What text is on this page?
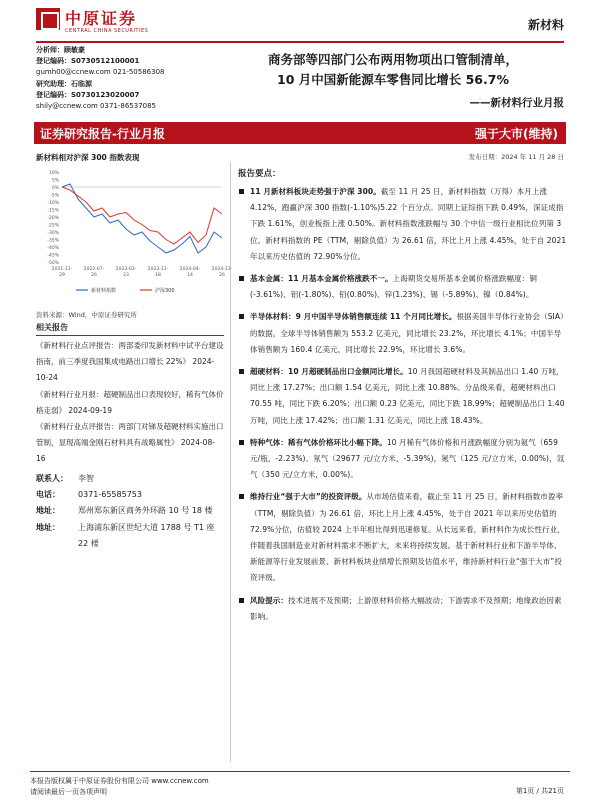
中原证券
CENTRAL CHINA SECURITIES	新材料
分析师：顾敏豪
登记编码：S0730512100001
gumh00@ccnew.com 021-50586308
研究助理：石临源
登记编码：S0730123020007
shily@ccnew.com 0371-86537085
商务部等四部门公布两用物项出口管制清单，
10 月中国新能源车零售同比增长 56.7%
——新材料行业月报
证券研究报告-行业月报	强于大市(维持)
新材料相对沪深 300 指数表现	发布日期：2024 年 11 月 28 日
10%
5%
0%
-5%
-10%
-15%
-20%
-25%
-30%
-35%
-40%
-45%
-50%
2021-11-
29
2022-07-
26
2023-03-
23
2023-11-
18
2024-04-
14
2024-11-
26
新材料指数	沪深300
资料来源：Wind，中原证券研究所
相关报告
《新材料行业点评报告：两部委印发新材料中试平台建设指南，前三季度我国集成电路出口增长 22%》 2024-10-24
《新材料行业月报：超硬制品出口表现较好，稀有气体价格走弱》 2024-09-19
《新材料行业点评报告：两部门对锑及超硬材料实施出口管制，显现高端金刚石材料具有战略属性》 2024-08-16
联系人：	李智
电话：	0371-65585753
地址：	郑州郑东新区商务外环路 10 号 18 楼
地址：	上海浦东新区世纪大道 1788 号 T1 座 22 楼
报告要点：
11 月新材料板块走势强于沪深 300。截至 11 月 25 日，新材料指数（万得）本月上涨 4.12%，跑赢沪深 300 指数(-1.10%)5.22 个百分点。同期上证综指下跌 0.49%，深证成指下跌 1.61%，创业板指上涨 0.50%。新材料指数涨跌幅与 30 个中信一级行业相比位列第 3 位。新材料指数的 PE（TTM，剔除负值）为 26.61 倍，环比上月上涨 4.45%，处于自 2021 年以来历史估值的 72.90%分位。
基本金属：11 月基本金属价格涨跌不一。上海期货交易所基本金属价格涨跌幅度：铜(-3.61%)、铝(-1.80%)、铅(0.80%)、锌(1.23%)、锡（-5.89%)、镍（0.84%)。
半导体材料：9 月中国半导体销售额连续 11 个月同比增长。根据美国半导体行业协会（SIA）的数据，全球半导体销售额为 553.2 亿美元，同比增长 23.2%，环比增长 4.1%；中国半导体销售额为 160.4 亿美元，同比增长 22.9%，环比增长 3.6%。
超硬材料：10 月超硬制品出口金额同比增长。10 月我国超硬材料及其制品出口 1.40 万吨，同比上涨 17.27%；出口额 1.54 亿美元，同比上涨 10.88%。分品级来看，超硬材料出口 70.55 吨，同比下跌 6.20%；出口额 0.23 亿美元，同比下跌 18.99%；超硬制品出口 1.40 万吨，同比上涨 17.42%；出口额 1.31 亿美元，同比上涨 18.43%。
特种气体：稀有气体价格环比小幅下降。10 月稀有气体价格和月涨跌幅度分别为氦气（659 元/瓶，-2.23%)、氖气（29677 元/立方米，-5.39%)，氪气（125 元/立方米，0.00%)，氙气（350 元/立方米，0.00%)。
维持行业“强于大市”的投资评级。从市场估值来看，截止至 11 月 25 日，新材料指数市盈率（TTM，剔除负值）为 26.61 倍，环比上月上涨 4.45%，处于自 2021 年以来历史估值的 72.9%分位，估值较 2024 上半年相比得到迅速修复。从长远来看，新材料作为成长性行业，伴随着我国制造业对新材料需求不断扩大，未来将持续发展。基于新材料行业和下游半导体、新能源等行业发展前景、新材料板块业绩增长预期及估值水平，维持新材料行业“强于大市”投资评级。
风险提示：技术进展不及预期；上游原材料价格大幅波动；下游需求不及预期；地缘政治因素影响。
本报告版权属于中原证券股份有限公司 www.ccnew.com
请阅读最后一页各项声明	第1页 / 共21页
